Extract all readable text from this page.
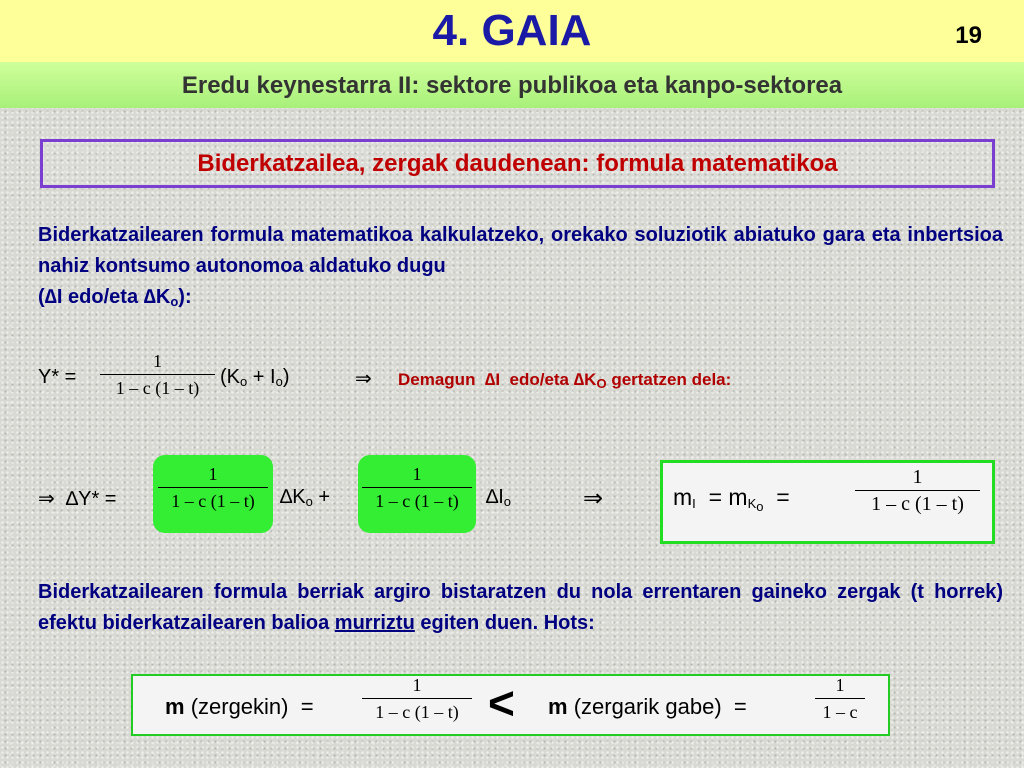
4. GAIA	19
Eredu keynestarra II: sektore publikoa eta kanpo-sektorea
Biderkatzailea, zergak daudenean: formula matematikoa
Biderkatzailearen formula matematikoa kalkulatzeko, orekako soluziotik abiatuko gara eta inbertsioa nahiz kontsumo autonomoa aldatuko dugu
(∆I edo/eta $\Delta K_o$):
Y* =
1
1 – c (1 – t)	$(K_o + I_o)$	⇒ Demagun ∆I edo/eta $\Delta K_O$ gertatzen dela:
⇒ ∆Y* =
1
1 – c (1 – t)	$\Delta K_o$ +
1
1 – c (1 – t)	$\Delta I_o$	⇒	$m_I = m_{K_o}$ =
1
1 – c (1 – t)
Biderkatzailearen formula berriak argiro bistaratzen du nola errentaren gaineko zergak (t horrek) efektu biderkatzailearen balioa murriztu egiten duen. Hots:
m (zergekin) =
1
1 – c (1 – t) < m (zergarik gabe) =
1
1 – c
